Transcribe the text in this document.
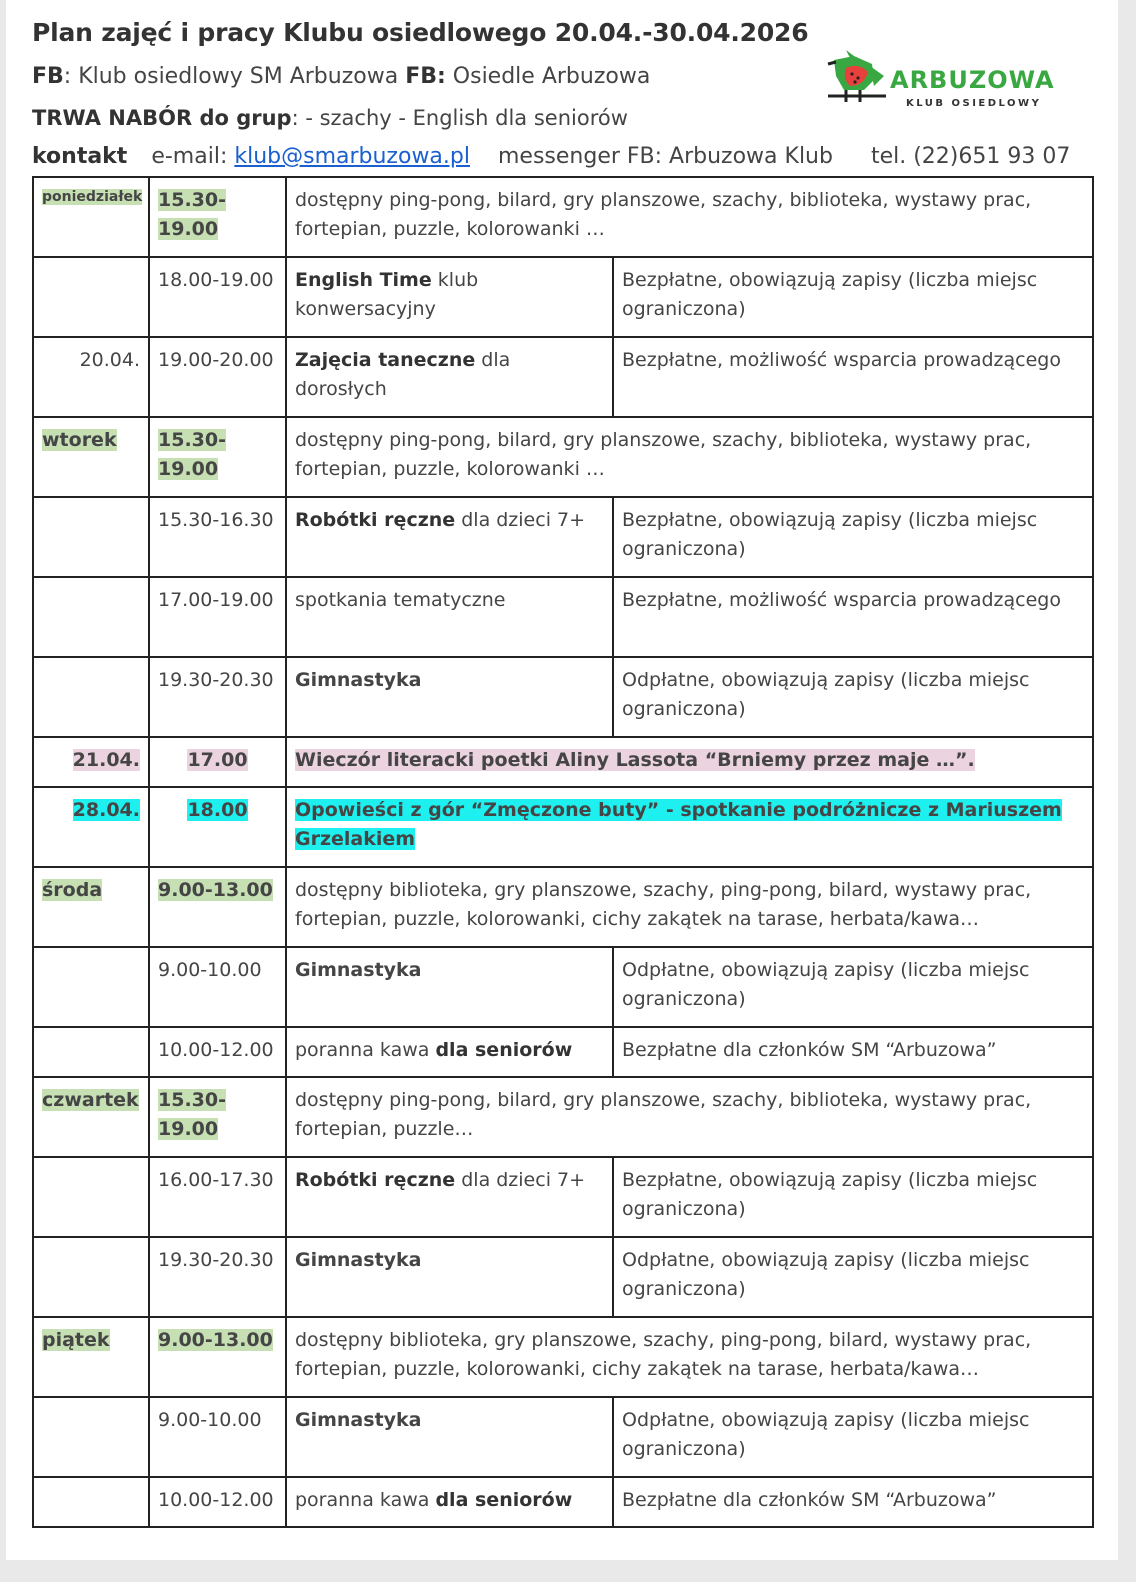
Plan zajęć i pracy Klubu osiedlowego 20.04.-30.04.2026
FB: Klub osiedlowy SM Arbuzowa FB: Osiedle Arbuzowa
TRWA NABÓR do grup: - szachy - English dla seniorów
kontakt e-mail: klub@smarbuzowa.pl messenger FB: Arbuzowa Klub tel. (22)651 93 07
ARBUZOWA
KLUB OSIEDLOWY
poniedziałek	15.30-19.00	dostępny ping-pong, bilard, gry planszowe, szachy, biblioteka, wystawy prac, fortepian, puzzle, kolorowanki …	
	18.00-19.00	English Time klub konwersacyjny	Bezpłatne, obowiązują zapisy (liczba miejsc ograniczona)
20.04.	19.00-20.00	Zajęcia taneczne dla dorosłych	Bezpłatne, możliwość wsparcia prowadzącego
wtorek	15.30-19.00	dostępny ping-pong, bilard, gry planszowe, szachy, biblioteka, wystawy prac, fortepian, puzzle, kolorowanki …	
	15.30-16.30	Robótki ręczne dla dzieci 7+	Bezpłatne, obowiązują zapisy (liczba miejsc ograniczona)
	17.00-19.00	spotkania tematyczne	Bezpłatne, możliwość wsparcia prowadzącego
	19.30-20.30	Gimnastyka	Odpłatne, obowiązują zapisy (liczba miejsc ograniczona)
21.04.	17.00	Wieczór literacki poetki Aliny Lassota “Brniemy przez maje …”.	
28.04.	18.00	Opowieści z gór “Zmęczone buty” - spotkanie podróżnicze z Mariuszem Grzelakiem	
środa	9.00-13.00	dostępny biblioteka, gry planszowe, szachy, ping-pong, bilard, wystawy prac, fortepian, puzzle, kolorowanki, cichy zakątek na tarase, herbata/kawa…	
	9.00-10.00	Gimnastyka	Odpłatne, obowiązują zapisy (liczba miejsc ograniczona)
	10.00-12.00	poranna kawa dla seniorów	Bezpłatne dla członków SM “Arbuzowa”
czwartek	15.30-19.00	dostępny ping-pong, bilard, gry planszowe, szachy, biblioteka, wystawy prac, fortepian, puzzle…	
	16.00-17.30	Robótki ręczne dla dzieci 7+	Bezpłatne, obowiązują zapisy (liczba miejsc ograniczona)
	19.30-20.30	Gimnastyka	Odpłatne, obowiązują zapisy (liczba miejsc ograniczona)
piątek	9.00-13.00	dostępny biblioteka, gry planszowe, szachy, ping-pong, bilard, wystawy prac, fortepian, puzzle, kolorowanki, cichy zakątek na tarase, herbata/kawa…	
	9.00-10.00	Gimnastyka	Odpłatne, obowiązują zapisy (liczba miejsc ograniczona)
	10.00-12.00	poranna kawa dla seniorów	Bezpłatne dla członków SM “Arbuzowa”
